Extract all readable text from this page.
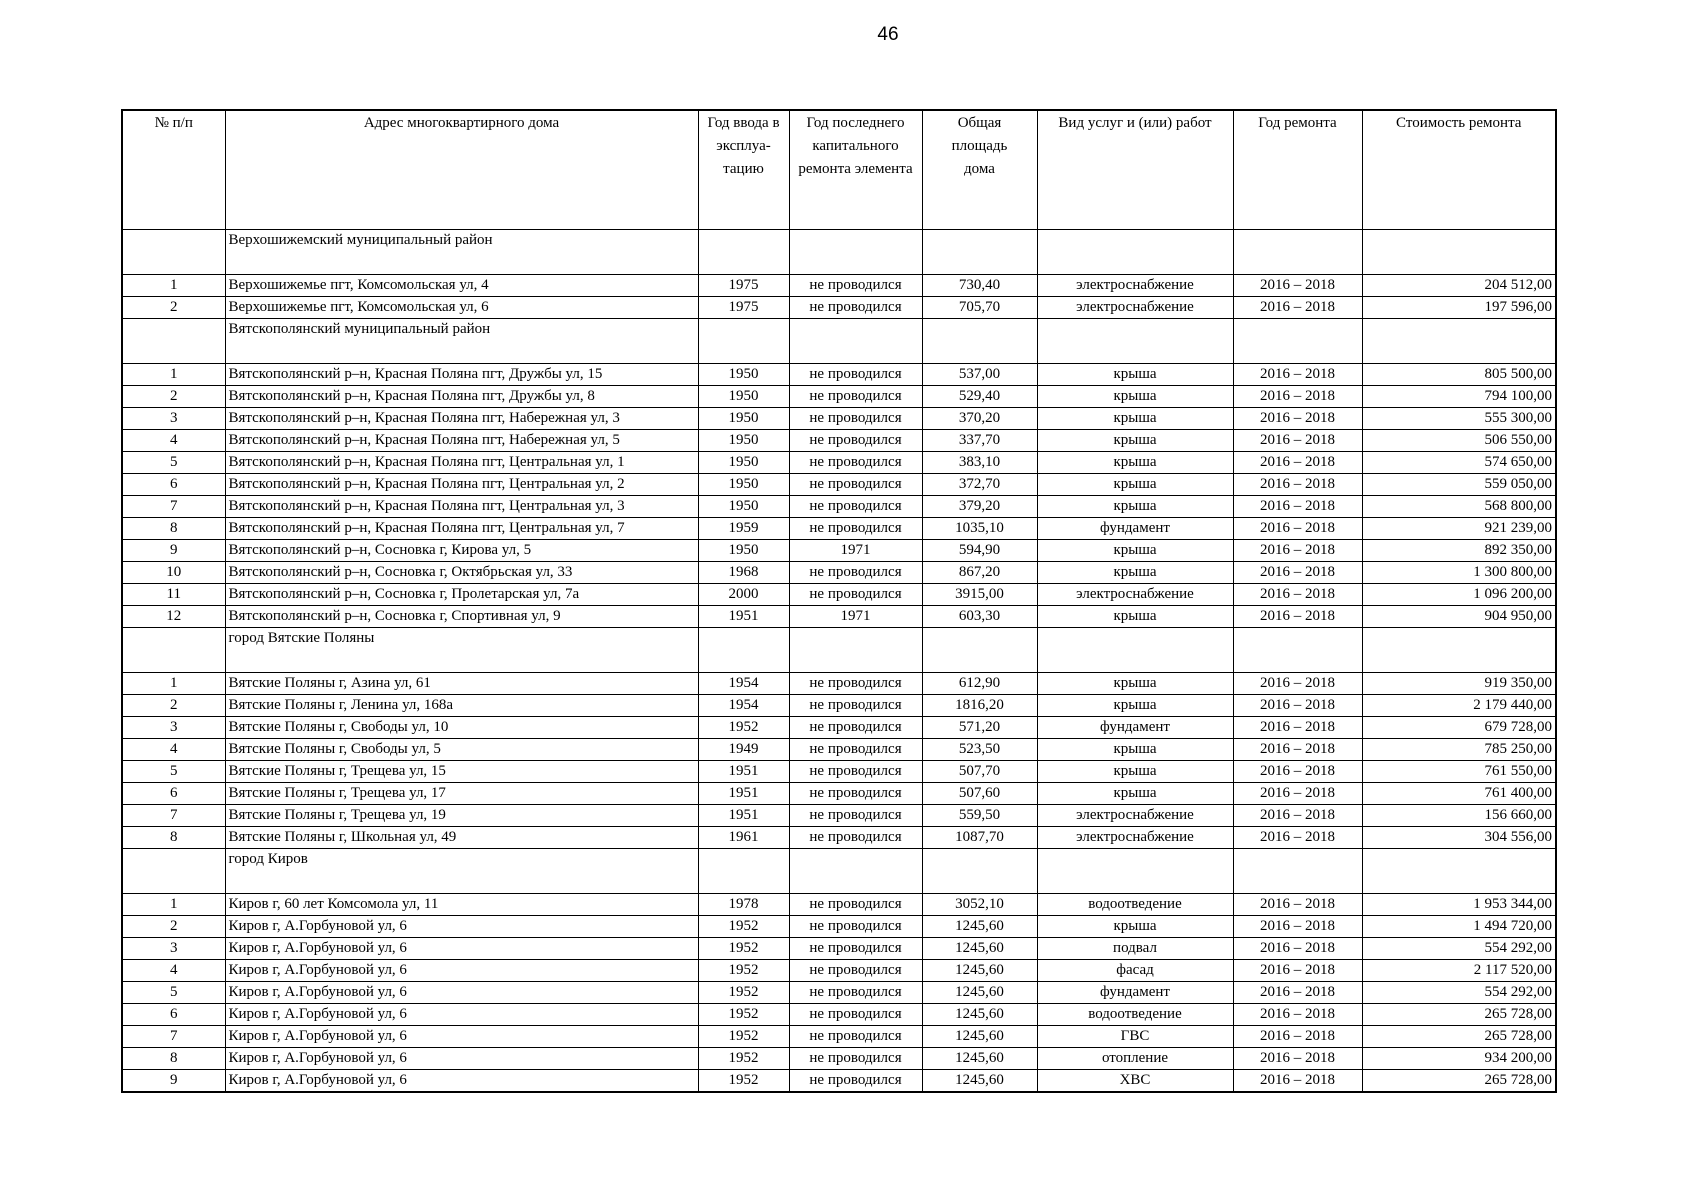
46
№ п/п	Адрес многоквартирного дома	Год ввода в эксплуа-тацию	Год последнего капитального ремонта элемента	Общая площадь дома	Вид услуг и (или) работ	Год ремонта	Стоимость ремонта
	Верхошижемский муниципальный район						
1	Верхошижемье пгт, Комсомольская ул, 4	1975	не проводился	730,40	электроснабжение	2016 – 2018	204 512,00
2	Верхошижемье пгт, Комсомольская ул, 6	1975	не проводился	705,70	электроснабжение	2016 – 2018	197 596,00
	Вятскополянский муниципальный район						
1	Вятскополянский р–н, Красная Поляна пгт, Дружбы ул, 15	1950	не проводился	537,00	крыша	2016 – 2018	805 500,00
2	Вятскополянский р–н, Красная Поляна пгт, Дружбы ул, 8	1950	не проводился	529,40	крыша	2016 – 2018	794 100,00
3	Вятскополянский р–н, Красная Поляна пгт, Набережная ул, 3	1950	не проводился	370,20	крыша	2016 – 2018	555 300,00
4	Вятскополянский р–н, Красная Поляна пгт, Набережная ул, 5	1950	не проводился	337,70	крыша	2016 – 2018	506 550,00
5	Вятскополянский р–н, Красная Поляна пгт, Центральная ул, 1	1950	не проводился	383,10	крыша	2016 – 2018	574 650,00
6	Вятскополянский р–н, Красная Поляна пгт, Центральная ул, 2	1950	не проводился	372,70	крыша	2016 – 2018	559 050,00
7	Вятскополянский р–н, Красная Поляна пгт, Центральная ул, 3	1950	не проводился	379,20	крыша	2016 – 2018	568 800,00
8	Вятскополянский р–н, Красная Поляна пгт, Центральная ул, 7	1959	не проводился	1035,10	фундамент	2016 – 2018	921 239,00
9	Вятскополянский р–н, Сосновка г, Кирова ул, 5	1950	1971	594,90	крыша	2016 – 2018	892 350,00
10	Вятскополянский р–н, Сосновка г, Октябрьская ул, 33	1968	не проводился	867,20	крыша	2016 – 2018	1 300 800,00
11	Вятскополянский р–н, Сосновка г, Пролетарская ул, 7а	2000	не проводился	3915,00	электроснабжение	2016 – 2018	1 096 200,00
12	Вятскополянский р–н, Сосновка г, Спортивная ул, 9	1951	1971	603,30	крыша	2016 – 2018	904 950,00
	город Вятские Поляны						
1	Вятские Поляны г, Азина ул, 61	1954	не проводился	612,90	крыша	2016 – 2018	919 350,00
2	Вятские Поляны г, Ленина ул, 168а	1954	не проводился	1816,20	крыша	2016 – 2018	2 179 440,00
3	Вятские Поляны г, Свободы ул, 10	1952	не проводился	571,20	фундамент	2016 – 2018	679 728,00
4	Вятские Поляны г, Свободы ул, 5	1949	не проводился	523,50	крыша	2016 – 2018	785 250,00
5	Вятские Поляны г, Трещева ул, 15	1951	не проводился	507,70	крыша	2016 – 2018	761 550,00
6	Вятские Поляны г, Трещева ул, 17	1951	не проводился	507,60	крыша	2016 – 2018	761 400,00
7	Вятские Поляны г, Трещева ул, 19	1951	не проводился	559,50	электроснабжение	2016 – 2018	156 660,00
8	Вятские Поляны г, Школьная ул, 49	1961	не проводился	1087,70	электроснабжение	2016 – 2018	304 556,00
	город Киров						
1	Киров г, 60 лет Комсомола ул, 11	1978	не проводился	3052,10	водоотведение	2016 – 2018	1 953 344,00
2	Киров г, А.Горбуновой ул, 6	1952	не проводился	1245,60	крыша	2016 – 2018	1 494 720,00
3	Киров г, А.Горбуновой ул, 6	1952	не проводился	1245,60	подвал	2016 – 2018	554 292,00
4	Киров г, А.Горбуновой ул, 6	1952	не проводился	1245,60	фасад	2016 – 2018	2 117 520,00
5	Киров г, А.Горбуновой ул, 6	1952	не проводился	1245,60	фундамент	2016 – 2018	554 292,00
6	Киров г, А.Горбуновой ул, 6	1952	не проводился	1245,60	водоотведение	2016 – 2018	265 728,00
7	Киров г, А.Горбуновой ул, 6	1952	не проводился	1245,60	ГВС	2016 – 2018	265 728,00
8	Киров г, А.Горбуновой ул, 6	1952	не проводился	1245,60	отопление	2016 – 2018	934 200,00
9	Киров г, А.Горбуновой ул, 6	1952	не проводился	1245,60	ХВС	2016 – 2018	265 728,00
